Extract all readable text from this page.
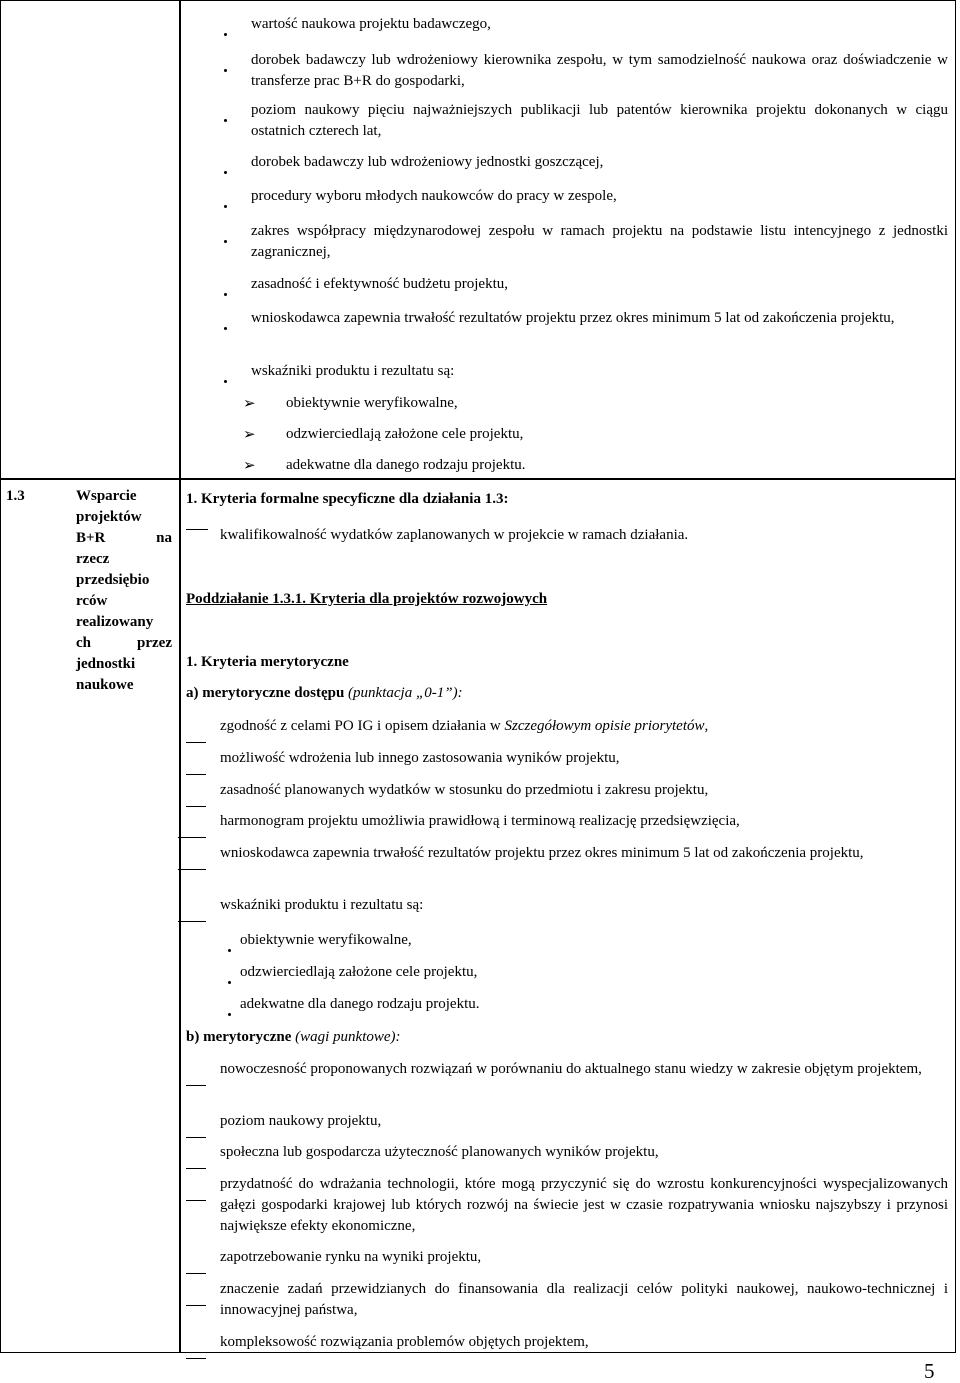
1.3	Wsparcie
projektów
B+R na
rzecz
przedsiębio
rców
realizowany
ch przez
jednostki
naukowe
wartość naukowa projektu badawczego,
dorobek badawczy lub wdrożeniowy kierownika zespołu, w tym samodzielność naukowa oraz doświadczenie w transferze prac B+R do gospodarki,
poziom naukowy pięciu najważniejszych publikacji lub patentów kierownika projektu dokonanych w ciągu ostatnich czterech lat,
dorobek badawczy lub wdrożeniowy jednostki goszczącej,
procedury wyboru młodych naukowców do pracy w zespole,
zakres współpracy międzynarodowej zespołu w ramach projektu na podstawie listu intencyjnego z jednostki zagranicznej,
zasadność i efektywność budżetu projektu,
wnioskodawca zapewnia trwałość rezultatów projektu przez okres minimum 5 lat od zakończenia projektu,
wskaźniki produktu i rezultatu są:
➢ obiektywnie weryfikowalne,
➢ odzwierciedlają założone cele projektu,
➢ adekwatne dla danego rodzaju projektu.
1. Kryteria formalne specyficzne dla działania 1.3:
kwalifikowalność wydatków zaplanowanych w projekcie w ramach działania.
Poddziałanie 1.3.1. Kryteria dla projektów rozwojowych
1. Kryteria merytoryczne
a) merytoryczne dostępu (punktacja „0-1”):
zgodność z celami PO IG i opisem działania w Szczegółowym opisie priorytetów,
możliwość wdrożenia lub innego zastosowania wyników projektu,
zasadność planowanych wydatków w stosunku do przedmiotu i zakresu projektu,
harmonogram projektu umożliwia prawidłową i terminową realizację przedsięwzięcia,
wnioskodawca zapewnia trwałość rezultatów projektu przez okres minimum 5 lat od zakończenia projektu,
wskaźniki produktu i rezultatu są:
obiektywnie weryfikowalne,
odzwierciedlają założone cele projektu,
adekwatne dla danego rodzaju projektu.
b) merytoryczne (wagi punktowe):
nowoczesność proponowanych rozwiązań w porównaniu do aktualnego stanu wiedzy w zakresie objętym projektem,
poziom naukowy projektu,
społeczna lub gospodarcza użyteczność planowanych wyników projektu,
przydatność do wdrażania technologii, które mogą przyczynić się do wzrostu konkurencyjności wyspecjalizowanych gałęzi gospodarki krajowej lub których rozwój na świecie jest w czasie rozpatrywania wniosku najszybszy i przynosi największe efekty ekonomiczne,
zapotrzebowanie rynku na wyniki projektu,
znaczenie zadań przewidzianych do finansowania dla realizacji celów polityki naukowej, naukowo-technicznej i innowacyjnej państwa,
kompleksowość rozwiązania problemów objętych projektem,
5
